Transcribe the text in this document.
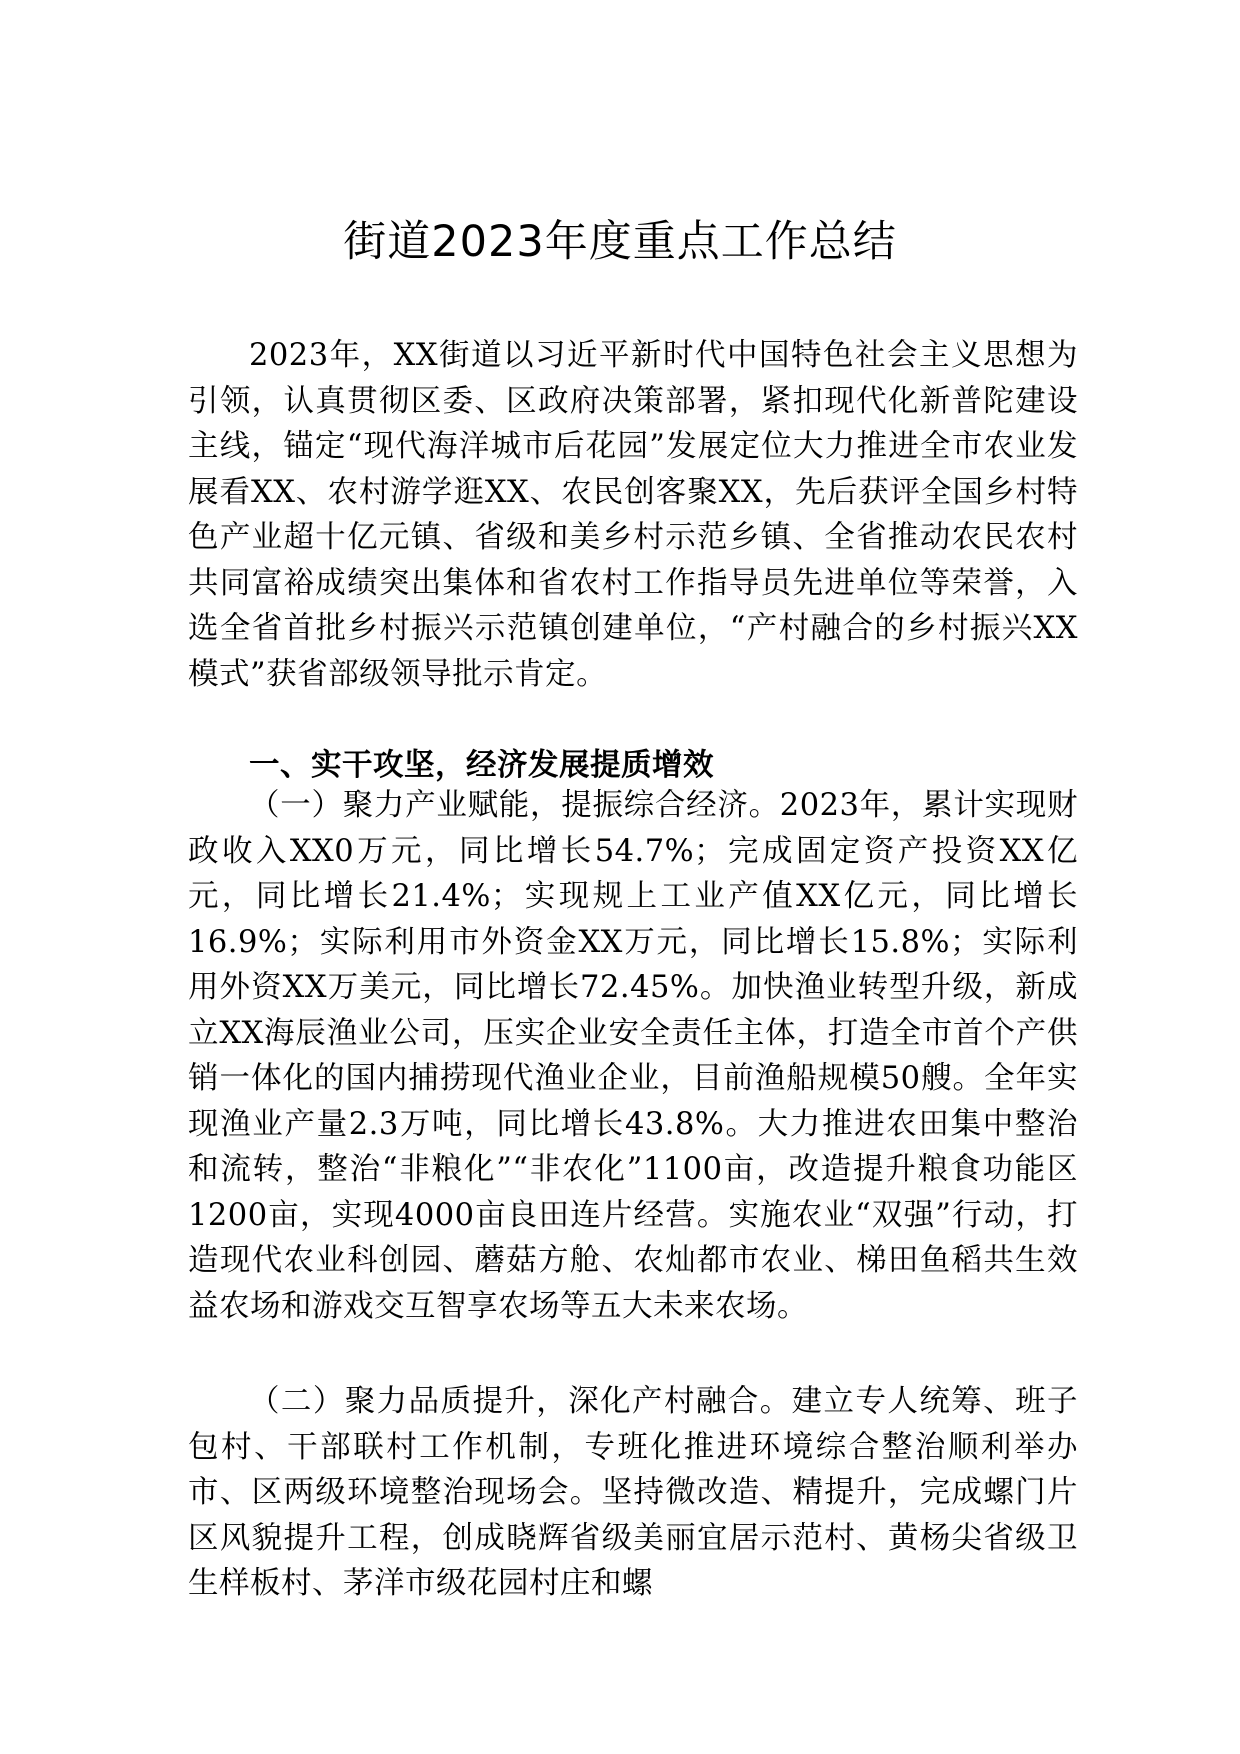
街道2023年度重点工作总结

2023年，XX街道以习近平新时代中国特色社会主义思想为引领，认真贯彻区委、区政府决策部署，紧扣现代化新普陀建设主线，锚定“现代海洋城市后花园”发展定位大力推进全市农业发展看XX、农村游学逛XX、农民创客聚XX，先后获评全国乡村特色产业超十亿元镇、省级和美乡村示范乡镇、全省推动农民农村共同富裕成绩突出集体和省农村工作指导员先进单位等荣誉，入选全省首批乡村振兴示范镇创建单位，“产村融合的乡村振兴XX模式”获省部级领导批示肯定。

一、实干攻坚，经济发展提质增效

（一）聚力产业赋能，提振综合经济。2023年，累计实现财政收入XX0万元，同比增长54.7%；完成固定资产投资XX亿元，同比增长21.4%；实现规上工业产值XX亿元，同比增长16.9%；实际利用市外资金XX万元，同比增长15.8%；实际利用外资XX万美元，同比增长72.45%。加快渔业转型升级，新成立XX海辰渔业公司，压实企业安全责任主体，打造全市首个产供销一体化的国内捕捞现代渔业企业，目前渔船规模50艘。全年实现渔业产量2.3万吨，同比增长43.8%。大力推进农田集中整治和流转，整治“非粮化”“非农化”1100亩，改造提升粮食功能区1200亩，实现4000亩良田连片经营。实施农业“双强”行动，打造现代农业科创园、蘑菇方舱、农灿都市农业、梯田鱼稻共生效益农场和游戏交互智享农场等五大未来农场。

（二）聚力品质提升，深化产村融合。建立专人统筹、班子包村、干部联村工作机制，专班化推进环境综合整治顺利举办市、区两级环境整治现场会。坚持微改造、精提升，完成螺门片区风貌提升工程，创成晓辉省级美丽宜居示范村、黄杨尖省级卫生样板村、茅洋市级花园村庄和螺
